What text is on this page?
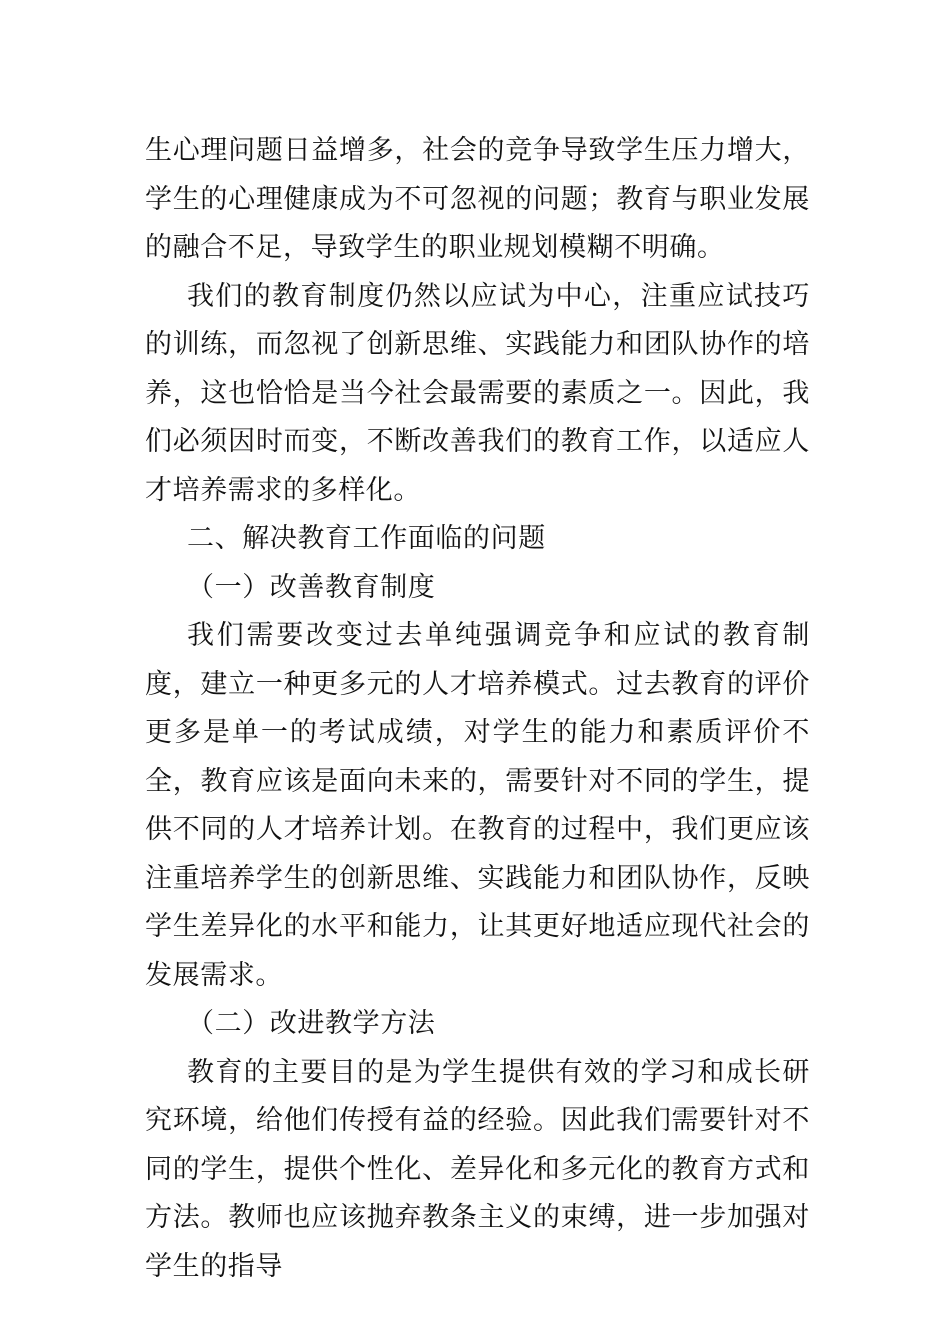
生心理问题日益增多，社会的竞争导致学生压力增大，学生的心理健康成为不可忽视的问题；教育与职业发展的融合不足，导致学生的职业规划模糊不明确。

我们的教育制度仍然以应试为中心，注重应试技巧的训练，而忽视了创新思维、实践能力和团队协作的培养，这也恰恰是当今社会最需要的素质之一。因此，我们必须因时而变，不断改善我们的教育工作，以适应人才培养需求的多样化。

二、解决教育工作面临的问题

（一）改善教育制度

我们需要改变过去单纯强调竞争和应试的教育制度，建立一种更多元的人才培养模式。过去教育的评价更多是单一的考试成绩，对学生的能力和素质评价不全，教育应该是面向未来的，需要针对不同的学生，提供不同的人才培养计划。在教育的过程中，我们更应该注重培养学生的创新思维、实践能力和团队协作，反映学生差异化的水平和能力，让其更好地适应现代社会的发展需求。

（二）改进教学方法

教育的主要目的是为学生提供有效的学习和成长研究环境，给他们传授有益的经验。因此我们需要针对不同的学生，提供个性化、差异化和多元化的教育方式和方法。教师也应该抛弃教条主义的束缚，进一步加强对学生的指导
